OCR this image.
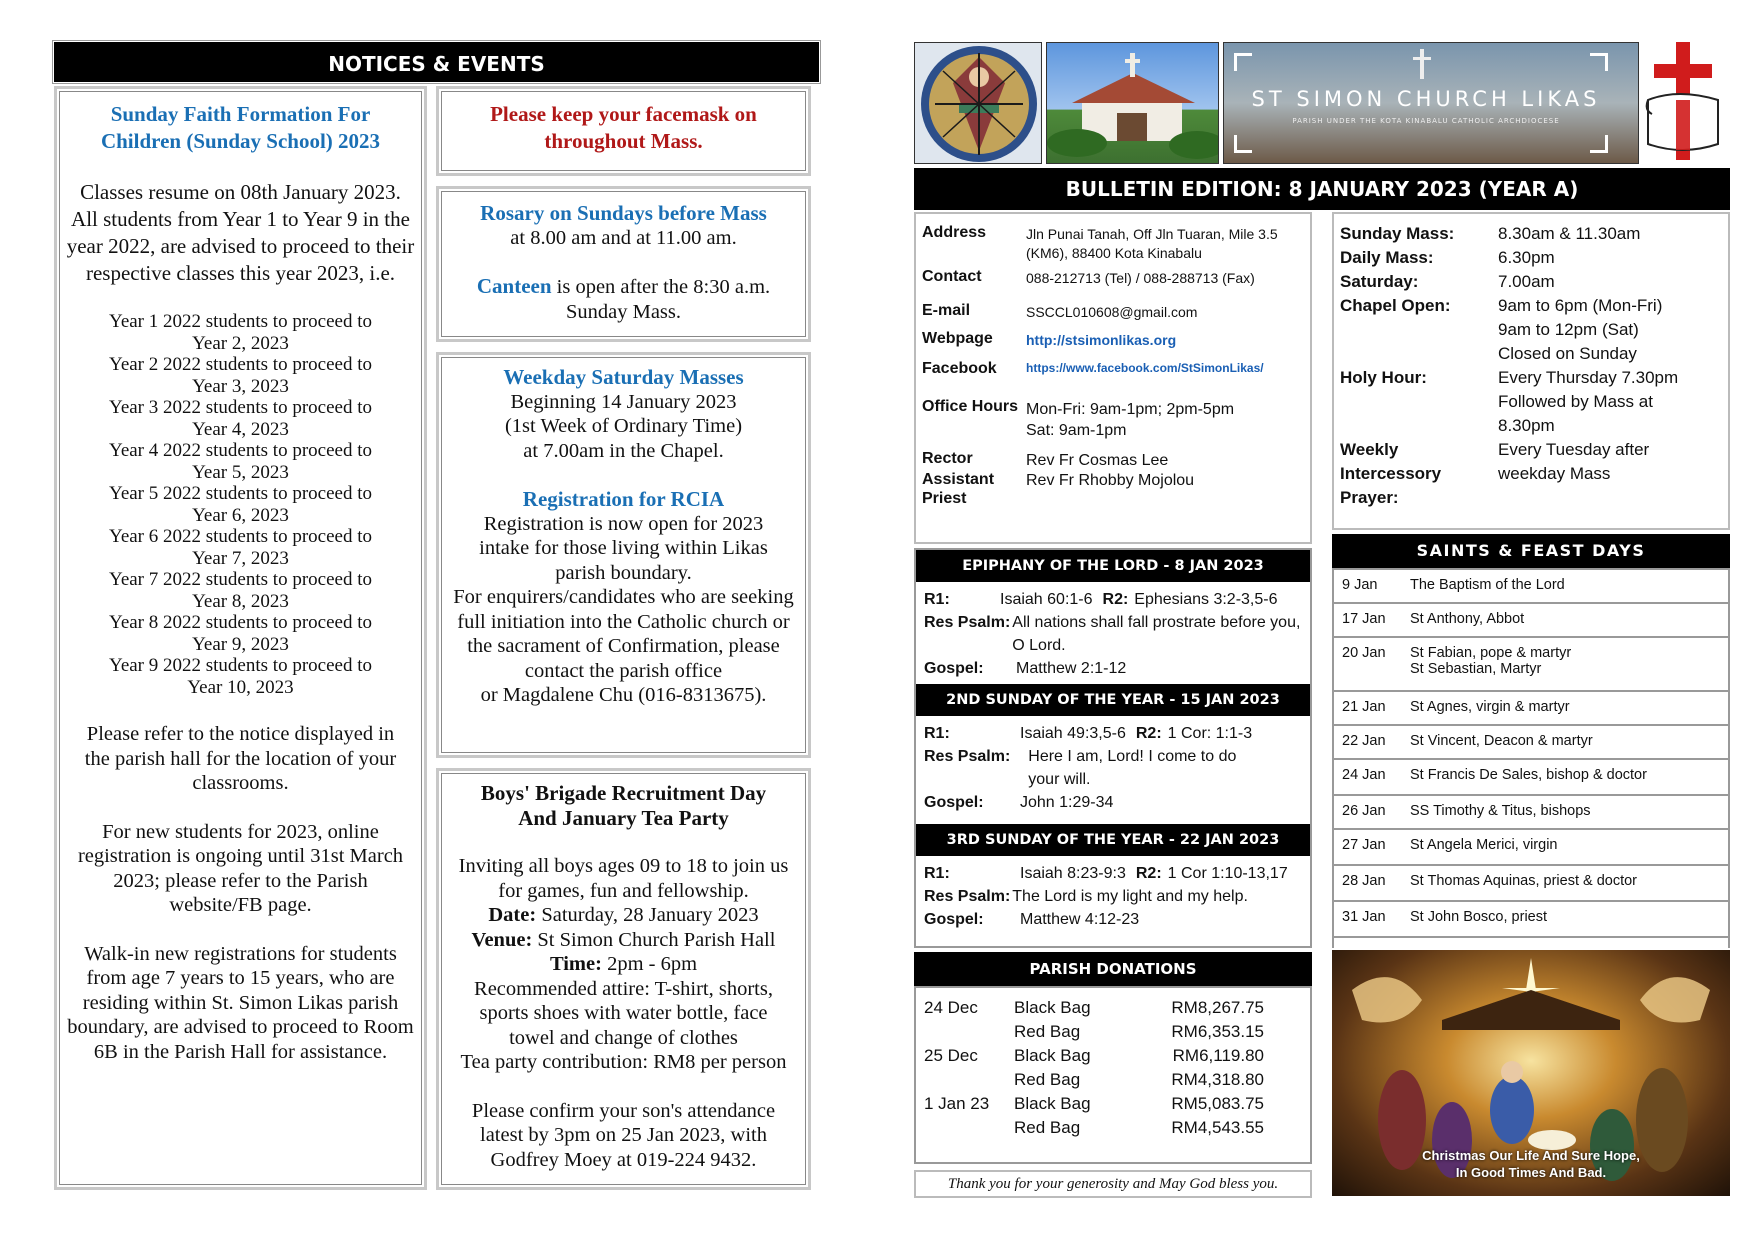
NOTICES & EVENTS
Sunday Faith Formation For Children (Sunday School) 2023
Classes resume on 08th January 2023. All students from Year 1 to Year 9 in the year 2022, are advised to proceed to their respective classes this year 2023, i.e.
Year 1 2022 students to proceed to Year 2, 2023
Year 2 2022 students to proceed to Year 3, 2023
Year 3 2022 students to proceed to Year 4, 2023
Year 4 2022 students to proceed to Year 5, 2023
Year 5 2022 students to proceed to Year 6, 2023
Year 6 2022 students to proceed to Year 7, 2023
Year 7 2022 students to proceed to Year 8, 2023
Year 8 2022 students to proceed to Year 9, 2023
Year 9 2022 students to proceed to Year 10, 2023
Please refer to the notice displayed in the parish hall for the location of your classrooms.
For new students for 2023, online registration is ongoing until 31st March 2023; please refer to the Parish website/FB page.
Walk-in new registrations for students from age 7 years to 15 years, who are residing within St. Simon Likas parish boundary, are advised to proceed to Room 6B in the Parish Hall for assistance.
Please keep your facemask on throughout Mass.
Rosary on Sundays before Mass
at 8.00 am and at 11.00 am.
Canteen is open after the 8:30 a.m. Sunday Mass.
Weekday Saturday Masses
Beginning 14 January 2023
(1st Week of Ordinary Time)
at 7.00am in the Chapel.
Registration for RCIA
Registration is now open for 2023 intake for those living within Likas parish boundary.
For enquirers/candidates who are seeking full initiation into the Catholic church or the sacrament of Confirmation, please contact the parish office
or Magdalene Chu (016-8313675).
Boys' Brigade Recruitment Day
And January Tea Party
Inviting all boys ages 09 to 18 to join us for games, fun and fellowship.
Date: Saturday, 28 January 2023
Venue: St Simon Church Parish Hall
Time: 2pm - 6pm
Recommended attire: T-shirt, shorts, sports shoes with water bottle, face towel and change of clothes
Tea party contribution: RM8 per person
Please confirm your son's attendance latest by 3pm on 25 Jan 2023, with Godfrey Moey at 019-224 9432.
ST SIMON CHURCH LIKAS
PARISH UNDER THE KOTA KINABALU CATHOLIC ARCHDIOCESE
BULLETIN EDITION: 8 JANUARY 2023 (YEAR A)
Address	Jln Punai Tanah, Off Jln Tuaran, Mile 3.5 (KM6), 88400 Kota Kinabalu
Contact	088-212713 (Tel) / 088-288713 (Fax)
E-mail	SSCCL010608@gmail.com
Webpage	http://stsimonlikas.org
Facebook	https://www.facebook.com/StSimonLikas/
Office Hours Mon-Fri: 9am-1pm; 2pm-5pm
Sat: 9am-1pm
Rector	Rev Fr Cosmas Lee
Assistant Priest
Rev Fr Rhobby Mojolou
Sunday Mass:	8.30am & 11.30am
Daily Mass:	6.30pm
Saturday:	7.00am
Chapel Open:	9am to 6pm (Mon-Fri)
9am to 12pm (Sat)
Closed on Sunday
Holy Hour:	Every Thursday 7.30pm
Followed by Mass at
8.30pm
Weekly Intercessory Prayer:
Every Tuesday after
weekday Mass
EPIPHANY OF THE LORD - 8 JAN 2023
R1:	Isaiah 60:1-6 R2: Ephesians 3:2-3,5-6
Res Psalm: All nations shall fall prostrate before you, O Lord.
Gospel:	Matthew 2:1-12
2ND SUNDAY OF THE YEAR - 15 JAN 2023
R1:	Isaiah 49:3,5-6 R2: 1 Cor: 1:1-3
Res Psalm: Here I am, Lord! I come to do your will.
Gospel:	John 1:29-34
3RD SUNDAY OF THE YEAR - 22 JAN 2023
R1:	Isaiah 8:23-9:3 R2: 1 Cor 1:10-13,17
Res Psalm: The Lord is my light and my help.
Gospel:	Matthew 4:12-23
SAINTS & FEAST DAYS
9 Jan	The Baptism of the Lord
17 Jan	St Anthony, Abbot
20 Jan	St Fabian, pope & martyr
St Sebastian, Martyr
21 Jan	St Agnes, virgin & martyr
22 Jan	St Vincent, Deacon & martyr
24 Jan	St Francis De Sales, bishop & doctor
26 Jan	SS Timothy & Titus, bishops
27 Jan	St Angela Merici, virgin
28 Jan	St Thomas Aquinas, priest & doctor
31 Jan	St John Bosco, priest
PARISH DONATIONS
24 Dec	Black Bag	RM8,267.75
Red Bag	RM6,353.15
25 Dec	Black Bag	RM6,119.80
Red Bag	RM4,318.80
1 Jan 23	Black Bag	RM5,083.75
Red Bag	RM4,543.55
Thank you for your generosity and May God bless you.
Christmas Our Life And Sure Hope,
In Good Times And Bad.
